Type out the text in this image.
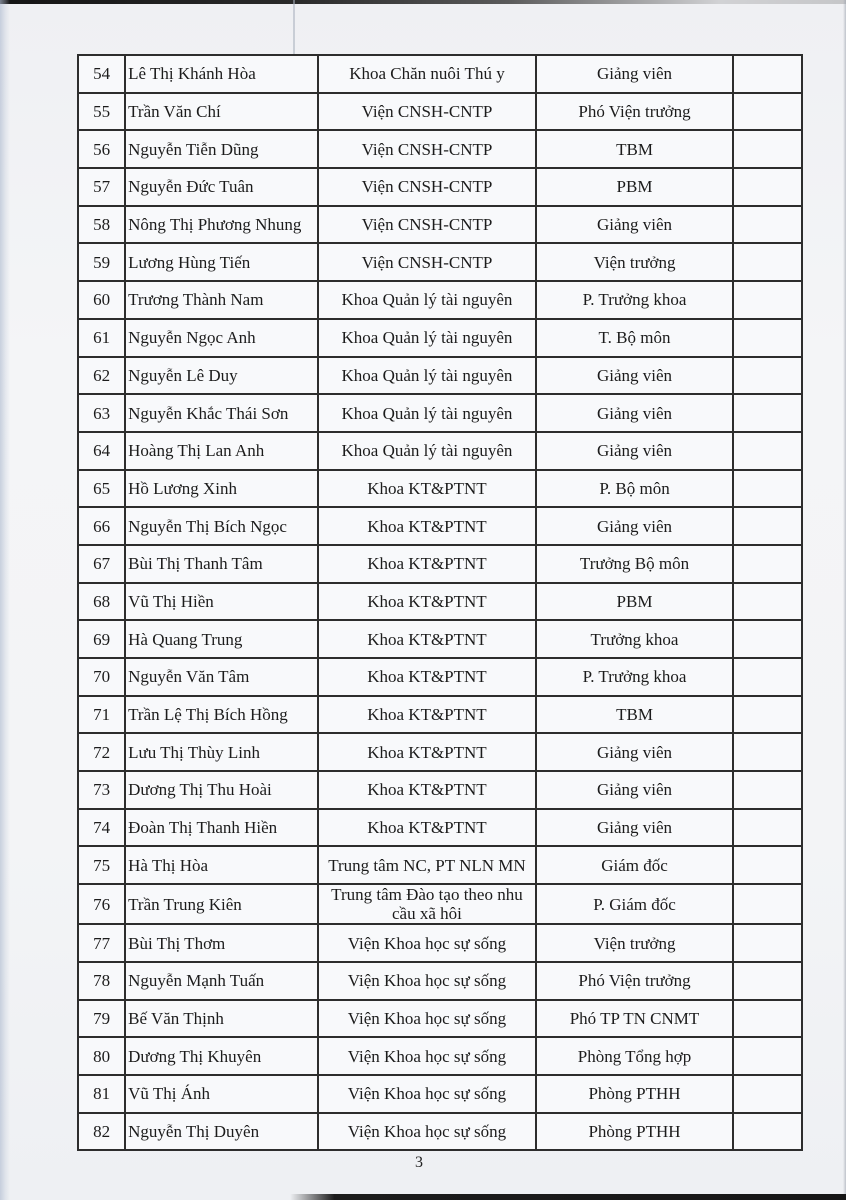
54	Lê Thị Khánh Hòa	Khoa Chăn nuôi Thú y	Giảng viên	
55	Trần Văn Chí	Viện CNSH-CNTP	Phó Viện trưởng	
56	Nguyễn Tiễn Dũng	Viện CNSH-CNTP	TBM	
57	Nguyễn Đức Tuân	Viện CNSH-CNTP	PBM	
58	Nông Thị Phương Nhung	Viện CNSH-CNTP	Giảng viên	
59	Lương Hùng Tiến	Viện CNSH-CNTP	Viện trưởng	
60	Trương Thành Nam	Khoa Quản lý tài nguyên	P. Trưởng khoa	
61	Nguyễn Ngọc Anh	Khoa Quản lý tài nguyên	T. Bộ môn	
62	Nguyễn Lê Duy	Khoa Quản lý tài nguyên	Giảng viên	
63	Nguyễn Khắc Thái Sơn	Khoa Quản lý tài nguyên	Giảng viên	
64	Hoàng Thị Lan Anh	Khoa Quản lý tài nguyên	Giảng viên	
65	Hồ Lương Xinh	Khoa KT&PTNT	P. Bộ môn	
66	Nguyễn Thị Bích Ngọc	Khoa KT&PTNT	Giảng viên	
67	Bùi Thị Thanh Tâm	Khoa KT&PTNT	Trưởng Bộ môn	
68	Vũ Thị Hiền	Khoa KT&PTNT	PBM	
69	Hà Quang Trung	Khoa KT&PTNT	Trưởng khoa	
70	Nguyễn Văn Tâm	Khoa KT&PTNT	P. Trưởng khoa	
71	Trần Lệ Thị Bích Hồng	Khoa KT&PTNT	TBM	
72	Lưu Thị Thùy Linh	Khoa KT&PTNT	Giảng viên	
73	Dương Thị Thu Hoài	Khoa KT&PTNT	Giảng viên	
74	Đoàn Thị Thanh Hiền	Khoa KT&PTNT	Giảng viên	
75	Hà Thị Hòa	Trung tâm NC, PT NLN MN	Giám đốc	
76	Trần Trung Kiên	Trung tâm Đào tạo theo nhu cầu xã hôi	P. Giám đốc	
77	Bùi Thị Thơm	Viện Khoa học sự sống	Viện trưởng	
78	Nguyễn Mạnh Tuấn	Viện Khoa học sự sống	Phó Viện trưởng	
79	Bế Văn Thịnh	Viện Khoa học sự sống	Phó TP TN CNMT	
80	Dương Thị Khuyên	Viện Khoa học sự sống	Phòng Tổng hợp	
81	Vũ Thị Ánh	Viện Khoa học sự sống	Phòng PTHH	
82	Nguyễn Thị Duyên	Viện Khoa học sự sống	Phòng PTHH	
3
